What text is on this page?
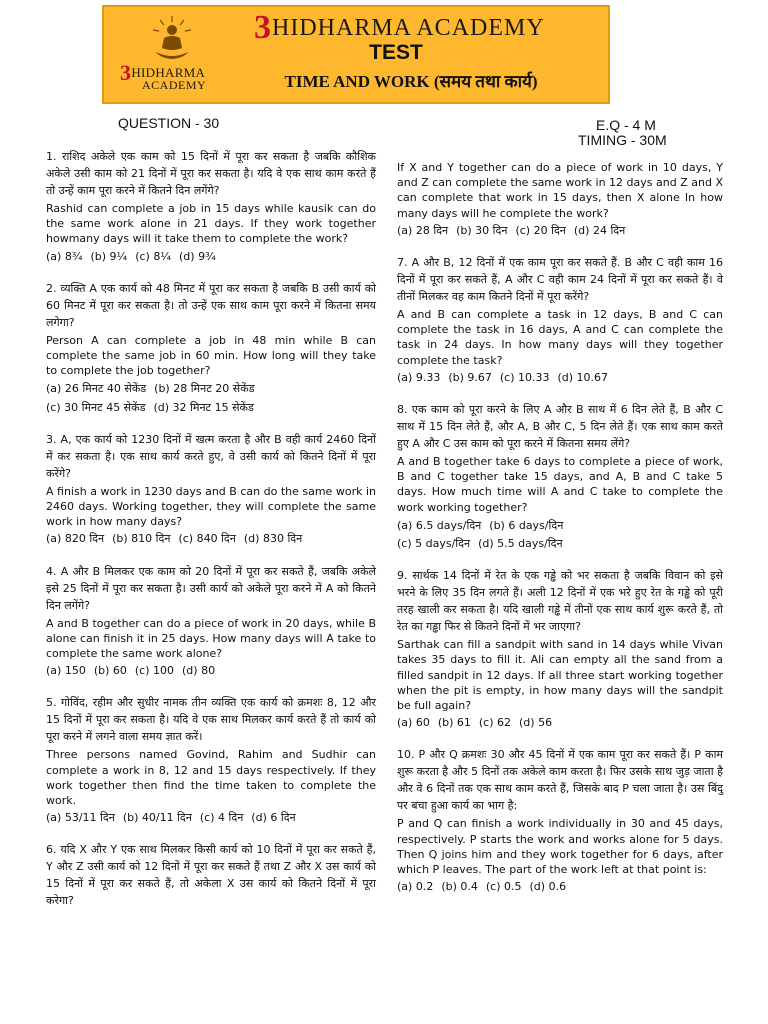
3HIDHARMA
ACADEMY
3HIDHARMA ACADEMY
TEST
TIME AND WORK (समय तथा कार्य)
QUESTION - 30	E.Q - 4 M
TIMING - 30M

1. राशिद अकेले एक काम को 15 दिनों में पूरा कर सकता है जबकि कौशिक अकेले उसी काम को 21 दिनों में पूरा कर सकता है। यदि वे एक साथ काम करते हैं तो उन्हें काम पूरा करने में कितने दिन लगेंगे?

Rashid can complete a job in 15 days while kausik can do the same work alone in 21 days. If they work together howmany days will it take them to complete the work?

(a) 8¾ (b) 9¼ (c) 8¼ (d) 9¾

2. व्यक्ति A एक कार्य को 48 मिनट में पूरा कर सकता है जबकि B उसी कार्य को 60 मिनट में पूरा कर सकता है। तो उन्हें एक साथ काम पूरा करने में कितना समय लगेगा?

Person A can complete a job in 48 min while B can complete the same job in 60 min. How long will they take to complete the job together?

(a) 26 मिनट 40 सेकेंड (b) 28 मिनट 20 सेकेंड
(c) 30 मिनट 45 सेकेंड (d) 32 मिनट 15 सेकेंड

3. A, एक कार्य को 1230 दिनों में खत्म करता है और B वही कार्य 2460 दिनों में कर सकता है। एक साथ कार्य करते हुए, वे उसी कार्य को कितने दिनों में पूरा करेंगे?

A finish a work in 1230 days and B can do the same work in 2460 days. Working together, they will complete the same work in how many days?

(a) 820 दिन (b) 810 दिन (c) 840 दिन (d) 830 दिन

4. A और B मिलकर एक काम को 20 दिनों में पूरा कर सकते हैं, जबकि अकेले इसे 25 दिनों में पूरा कर सकता है। उसी कार्य को अकेले पूरा करने में A को कितने दिन लगेंगे?

A and B together can do a piece of work in 20 days, while B alone can finish it in 25 days. How many days will A take to complete the same work alone?

(a) 150 (b) 60 (c) 100 (d) 80

5. गोविंद, रहीम और सुधीर नामक तीन व्यक्ति एक कार्य को क्रमशः 8, 12 और 15 दिनों में पूरा कर सकता है। यदि वे एक साथ मिलकर कार्य करते हैं तो कार्य को पूरा करने में लगने वाला समय ज्ञात करें।

Three persons named Govind, Rahim and Sudhir can complete a work in 8, 12 and 15 days respectively. If they work together then find the time taken to complete the work.

(a) 53/11 दिन (b) 40/11 दिन (c) 4 दिन (d) 6 दिन

6. यदि X और Y एक साथ मिलकर किसी कार्य को 10 दिनों में पूरा कर सकते हैं, Y और Z उसी कार्य को 12 दिनों में पूरा कर सकते हैं तथा Z और X उस कार्य को 15 दिनों में पूरा कर सकते हैं, तो अकेला X उस कार्य को कितने दिनों में पूरा करेगा?

If X and Y together can do a piece of work in 10 days, Y and Z can complete the same work in 12 days and Z and X can complete that work in 15 days, then X alone In how many days will he complete the work?

(a) 28 दिन (b) 30 दिन (c) 20 दिन (d) 24 दिन

7. A और B, 12 दिनों में एक काम पूरा कर सकते हैं. B और C वही काम 16 दिनों में पूरा कर सकते हैं, A और C वही काम 24 दिनों में पूरा कर सकते हैं। वे तीनों मिलकर वह काम कितने दिनों में पूरा करेंगे?

A and B can complete a task in 12 days, B and C can complete the task in 16 days, A and C can complete the task in 24 days. In how many days will they together complete the task?

(a) 9.33 (b) 9.67 (c) 10.33 (d) 10.67

8. एक काम को पूरा करने के लिए A और B साथ में 6 दिन लेते हैं, B और C साथ में 15 दिन लेते हैं, और A, B और C, 5 दिन लेते हैं। एक साथ काम करते हुए A और C उस काम को पूरा करने में कितना समय लेंगे?

A and B together take 6 days to complete a piece of work, B and C together take 15 days, and A, B and C take 5 days. How much time will A and C take to complete the work working together?

(a) 6.5 days/दिन (b) 6 days/दिन
(c) 5 days/दिन (d) 5.5 days/दिन

9. सार्थक 14 दिनों में रेत के एक गड्ढे को भर सकता है जबकि विवान को इसे भरने के लिए 35 दिन लगते हैं। अली 12 दिनों में एक भरे हुए रेत के गड्ढे को पूरी तरह खाली कर सकता है। यदि खाली गड्ढे में तीनों एक साथ कार्य शुरू करते हैं, तो रेत का गड्ढा फिर से कितने दिनों में भर जाएगा?

Sarthak can fill a sandpit with sand in 14 days while Vivan takes 35 days to fill it. Ali can empty all the sand from a filled sandpit in 12 days. If all three start working together when the pit is empty, in how many days will the sandpit be full again?

(a) 60 (b) 61 (c) 62 (d) 56

10. P और Q क्रमशः 30 और 45 दिनों में एक काम पूरा कर सकते हैं। P काम शुरू करता है और 5 दिनों तक अकेले काम करता है। फिर उसके साथ जुड़ जाता है और वे 6 दिनों तक एक साथ काम करते हैं, जिसके बाद P चला जाता है। उस बिंदु पर बचा हुआ कार्य का भाग है:

P and Q can finish a work individually in 30 and 45 days, respectively. P starts the work and works alone for 5 days. Then Q joins him and they work together for 6 days, after which P leaves. The part of the work left at that point is:

(a) 0.2 (b) 0.4 (c) 0.5 (d) 0.6
